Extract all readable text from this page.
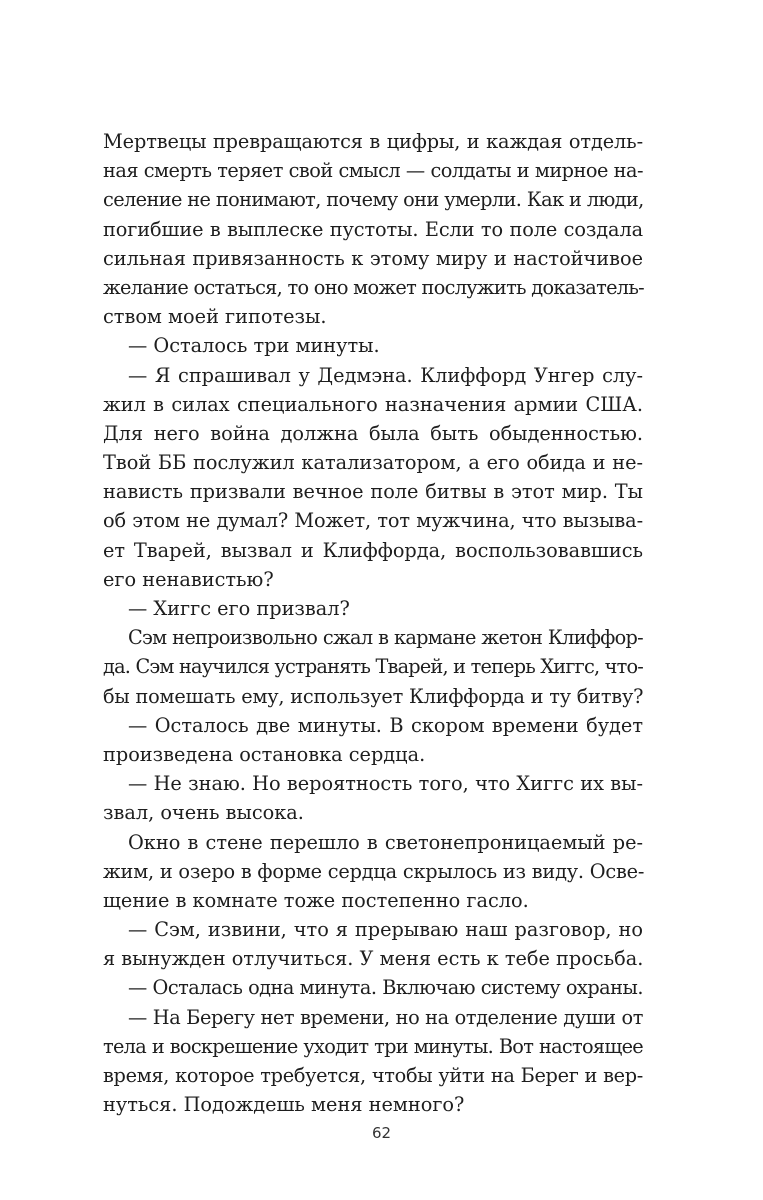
Мертвецы превращаются в цифры, и каждая отдель-
ная смерть теряет свой смысл — солдаты и мирное на-
селение не понимают, почему они умерли. Как и люди,
погибшие в выплеске пустоты. Если то поле создала
сильная привязанность к этому миру и настойчивое
желание остаться, то оно может послужить доказатель-
ством моей гипотезы.
— Осталось три минуты.
— Я спрашивал у Дедмэна. Клиффорд Унгер слу-
жил в силах специального назначения армии США.
Для него война должна была быть обыденностью.
Твой ББ послужил катализатором, а его обида и не-
нависть призвали вечное поле битвы в этот мир. Ты
об этом не думал? Может, тот мужчина, что вызыва-
ет Тварей, вызвал и Клиффорда, воспользовавшись
его ненавистью?
— Хиггс его призвал?
Сэм непроизвольно сжал в кармане жетон Клиффор-
да. Сэм научился устранять Тварей, и теперь Хиггс, что-
бы помешать ему, использует Клиффорда и ту битву?
— Осталось две минуты. В скором времени будет
произведена остановка сердца.
— Не знаю. Но вероятность того, что Хиггс их вы-
звал, очень высока.
Окно в стене перешло в светонепроницаемый ре-
жим, и озеро в форме сердца скрылось из виду. Осве-
щение в комнате тоже постепенно гасло.
— Сэм, извини, что я прерываю наш разговор, но
я вынужден отлучиться. У меня есть к тебе просьба.
— Осталась одна минута. Включаю систему охраны.
— На Берегу нет времени, но на отделение души от
тела и воскрешение уходит три минуты. Вот настоящее
время, которое требуется, чтобы уйти на Берег и вер-
нуться. Подождешь меня немного?
62
